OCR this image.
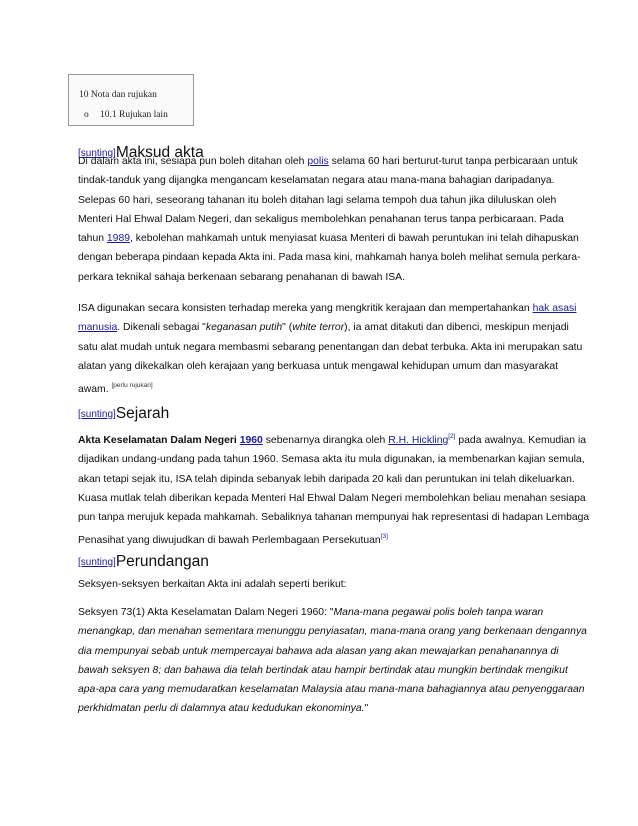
10 Nota dan rujukan
o 10.1 Rujukan lain
[sunting]Maksud akta
Di dalam akta ini, sesiapa pun boleh ditahan oleh polis selama 60 hari berturut-turut tanpa perbicaraan untuk
tindak-tanduk yang dijangka mengancam keselamatan negara atau mana-mana bahagian daripadanya.
Selepas 60 hari, seseorang tahanan itu boleh ditahan lagi selama tempoh dua tahun jika diluluskan oleh
Menteri Hal Ehwal Dalam Negeri, dan sekaligus membolehkan penahanan terus tanpa perbicaraan. Pada
tahun 1989, kebolehan mahkamah untuk menyiasat kuasa Menteri di bawah peruntukan ini telah dihapuskan
dengan beberapa pindaan kepada Akta ini. Pada masa kini, mahkamah hanya boleh melihat semula perkara-
perkara teknikal sahaja berkenaan sebarang penahanan di bawah ISA.
ISA digunakan secara konsisten terhadap mereka yang mengkritik kerajaan dan mempertahankan hak asasi
manusia. Dikenali sebagai "keganasan putih" (white terror), ia amat ditakuti dan dibenci, meskipun menjadi
satu alat mudah untuk negara membasmi sebarang penentangan dan debat terbuka. Akta ini merupakan satu
alatan yang dikekalkan oleh kerajaan yang berkuasa untuk mengawal kehidupan umum dan masyarakat
awam. [perlu rujukan]
[sunting]Sejarah
Akta Keselamatan Dalam Negeri 1960 sebenarnya dirangka oleh R.H. Hickling[2] pada awalnya. Kemudian ia
dijadikan undang-undang pada tahun 1960. Semasa akta itu mula digunakan, ia membenarkan kajian semula,
akan tetapi sejak itu, ISA telah dipinda sebanyak lebih daripada 20 kali dan peruntukan ini telah dikeluarkan.
Kuasa mutlak telah diberikan kepada Menteri Hal Ehwal Dalam Negeri membolehkan beliau menahan sesiapa
pun tanpa merujuk kepada mahkamah. Sebaliknya tahanan mempunyai hak representasi di hadapan Lembaga
Penasihat yang diwujudkan di bawah Perlembagaan Persekutuan[3]
[sunting]Perundangan
Seksyen-seksyen berkaitan Akta ini adalah seperti berikut:
Seksyen 73(1) Akta Keselamatan Dalam Negeri 1960: "Mana-mana pegawai polis boleh tanpa waran
menangkap, dan menahan sementara menunggu penyiasatan, mana-mana orang yang berkenaan dengannya
dia mempunyai sebab untuk mempercayai bahawa ada alasan yang akan mewajarkan penahanannya di
bawah seksyen 8; dan bahawa dia telah bertindak atau hampir bertindak atau mungkin bertindak mengikut
apa-apa cara yang memudaratkan keselamatan Malaysia atau mana-mana bahagiannya atau penyenggaraan
perkhidmatan perlu di dalamnya atau kedudukan ekonominya."
